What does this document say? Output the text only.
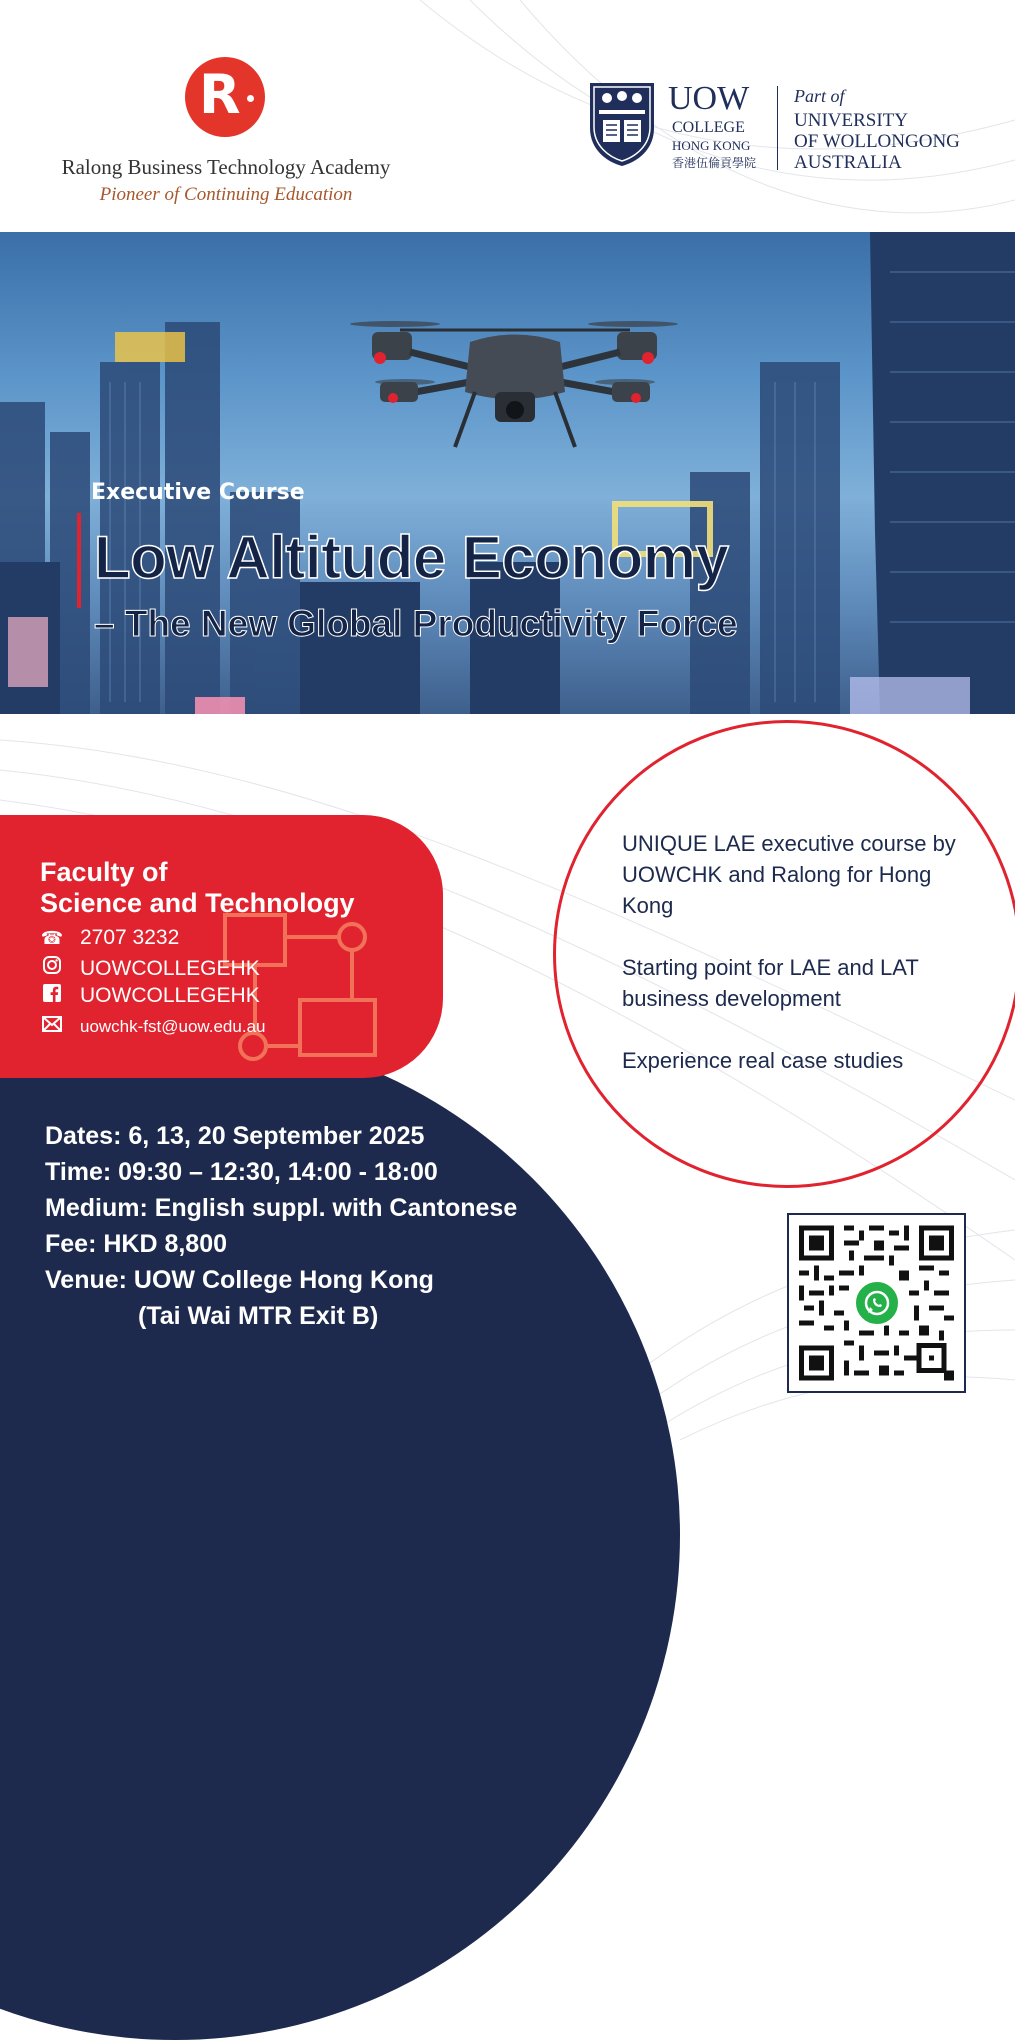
R
Ralong Business Technology Academy
Pioneer of Continuing Education
UOW
COLLEGE
HONG KONG
香港伍倫貢學院
Part of
UNIVERSITY
OF WOLLONGONG
AUSTRALIA
Executive Course
Low Altitude Economy
– The New Global Productivity Force
Faculty of
Science and Technology
☎ 2707 3232
UOWCOLLEGEHK
UOWCOLLEGEHK
uowchk-fst@uow.edu.au
Dates: 6, 13, 20 September 2025
Time: 09:30 – 12:30, 14:00 - 18:00
Medium: English suppl. with Cantonese
Fee: HKD 8,800
Venue: UOW College Hong Kong
(Tai Wai MTR Exit B)

UNIQUE LAE executive course by UOWCHK and Ralong for Hong Kong

Starting point for LAE and LAT business development

Experience real case studies
